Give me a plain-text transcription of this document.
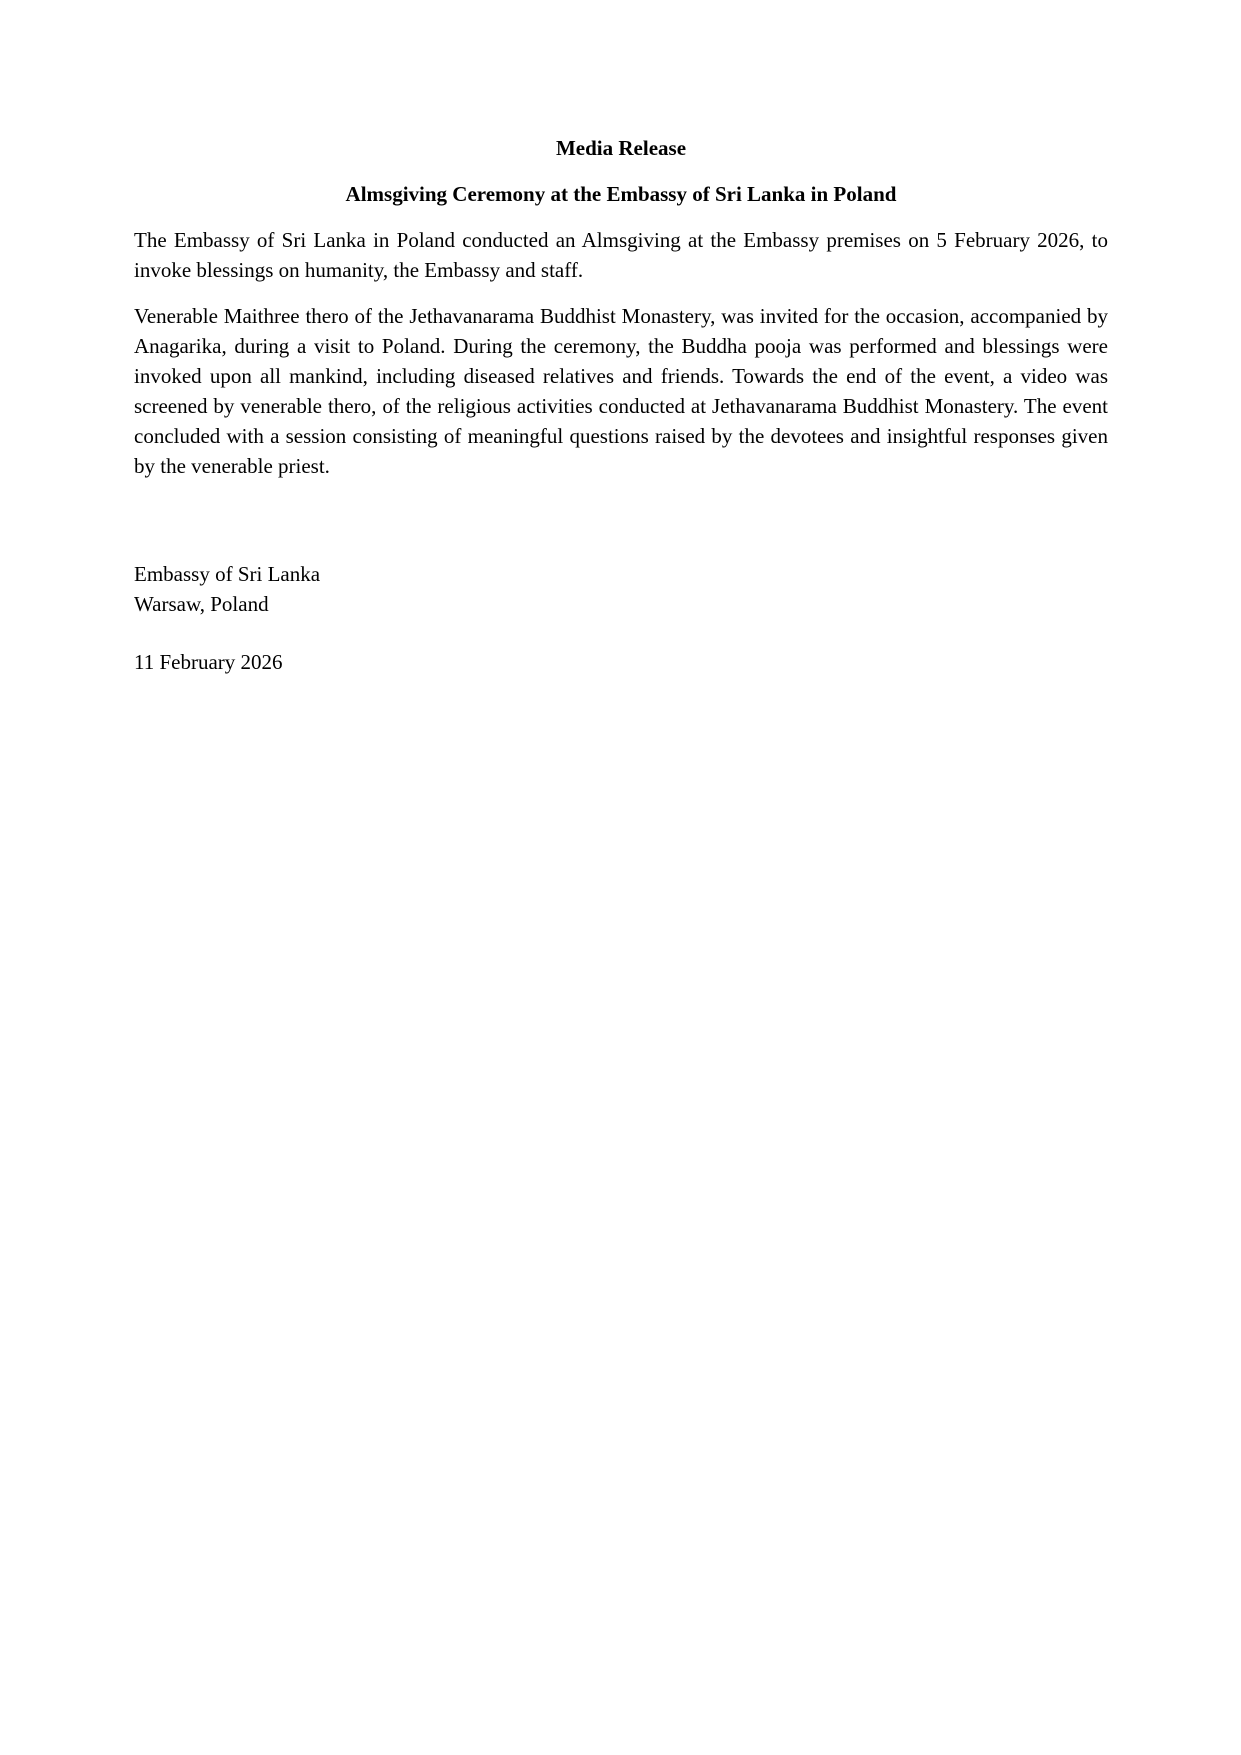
Media Release
Almsgiving Ceremony at the Embassy of Sri Lanka in Poland

The Embassy of Sri Lanka in Poland conducted an Almsgiving at the Embassy premises on 5 February 2026, to invoke blessings on humanity, the Embassy and staff.

Venerable Maithree thero of the Jethavanarama Buddhist Monastery, was invited for the occasion, accompanied by Anagarika, during a visit to Poland. During the ceremony, the Buddha pooja was performed and blessings were invoked upon all mankind, including diseased relatives and friends. Towards the end of the event, a video was screened by venerable thero, of the religious activities conducted at Jethavanarama Buddhist Monastery. The event concluded with a session consisting of meaningful questions raised by the devotees and insightful responses given by the venerable priest.

Embassy of Sri Lanka
Warsaw, Poland
11 February 2026
